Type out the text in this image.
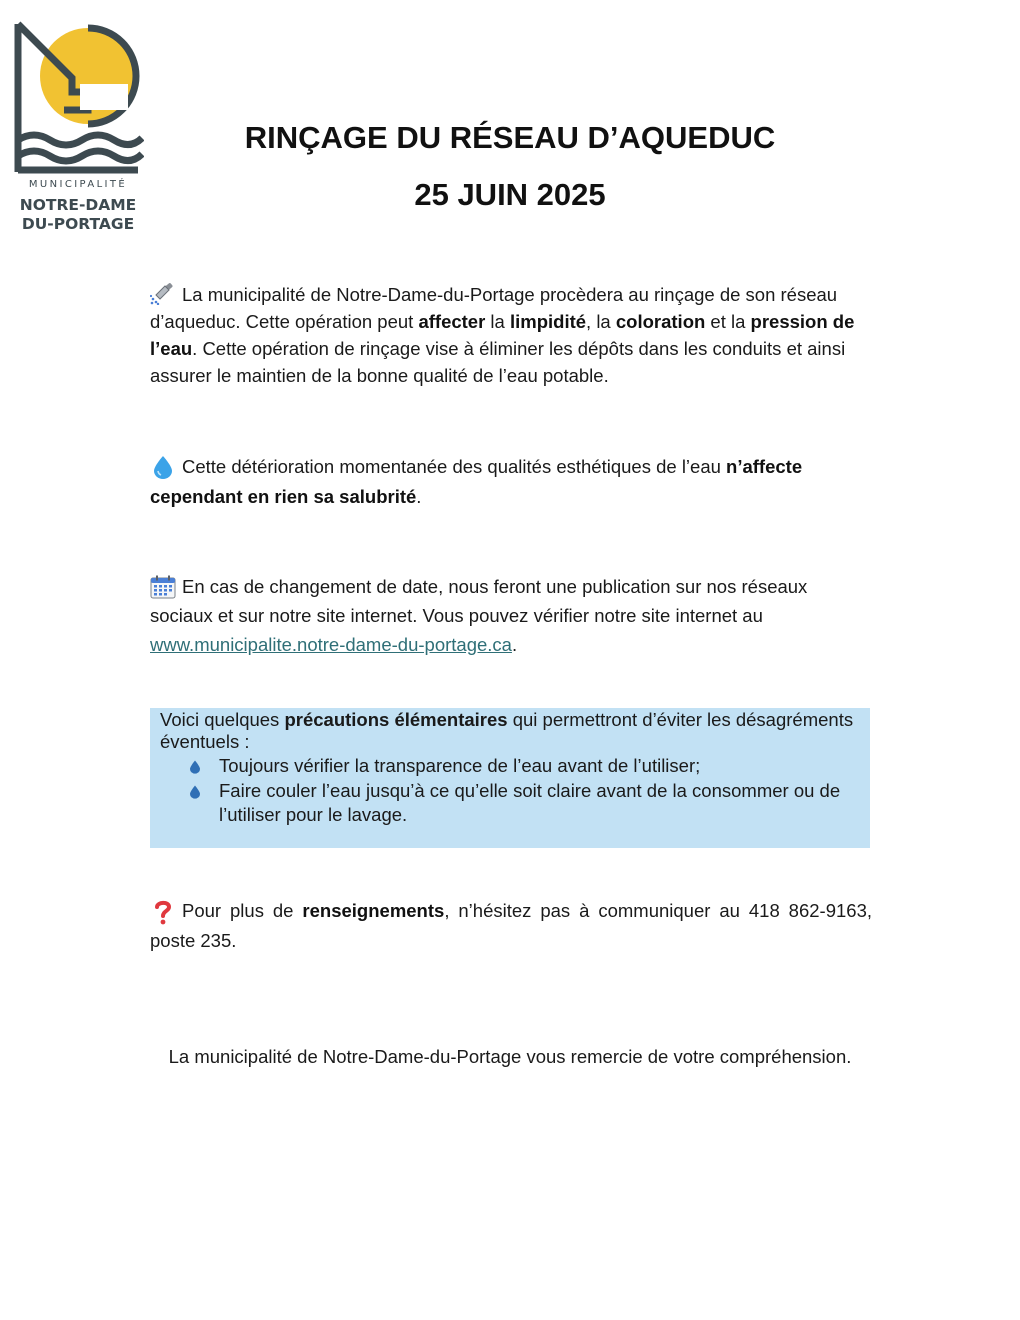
MUNICIPALITÉ
NOTRE-DAME
DU-PORTAGE
RINÇAGE DU RÉSEAU D’AQUEDUC
25 JUIN 2025

La municipalité de Notre-Dame-du-Portage procèdera au rinçage de son réseau d’aqueduc. Cette opération peut affecter la limpidité, la coloration et la pression de l’eau. Cette opération de rinçage vise à éliminer les dépôts dans les conduits et ainsi assurer le maintien de la bonne qualité de l’eau potable.

Cette détérioration momentanée des qualités esthétiques de l’eau n’affecte cependant en rien sa salubrité.

En cas de changement de date, nous feront une publication sur nos réseaux sociaux et sur notre site internet. Vous pouvez vérifier notre site internet au www.municipalite.notre-dame-du-portage.ca.

Voici quelques précautions élémentaires qui permettront d’éviter les désagréments éventuels :
Toujours vérifier la transparence de l’eau avant de l’utiliser;
Faire couler l’eau jusqu’à ce qu’elle soit claire avant de la consommer ou de l’utiliser pour le lavage.

Pour plus de renseignements, n’hésitez pas à communiquer au 418 862-9163, poste 235.

La municipalité de Notre-Dame-du-Portage vous remercie de votre compréhension.
